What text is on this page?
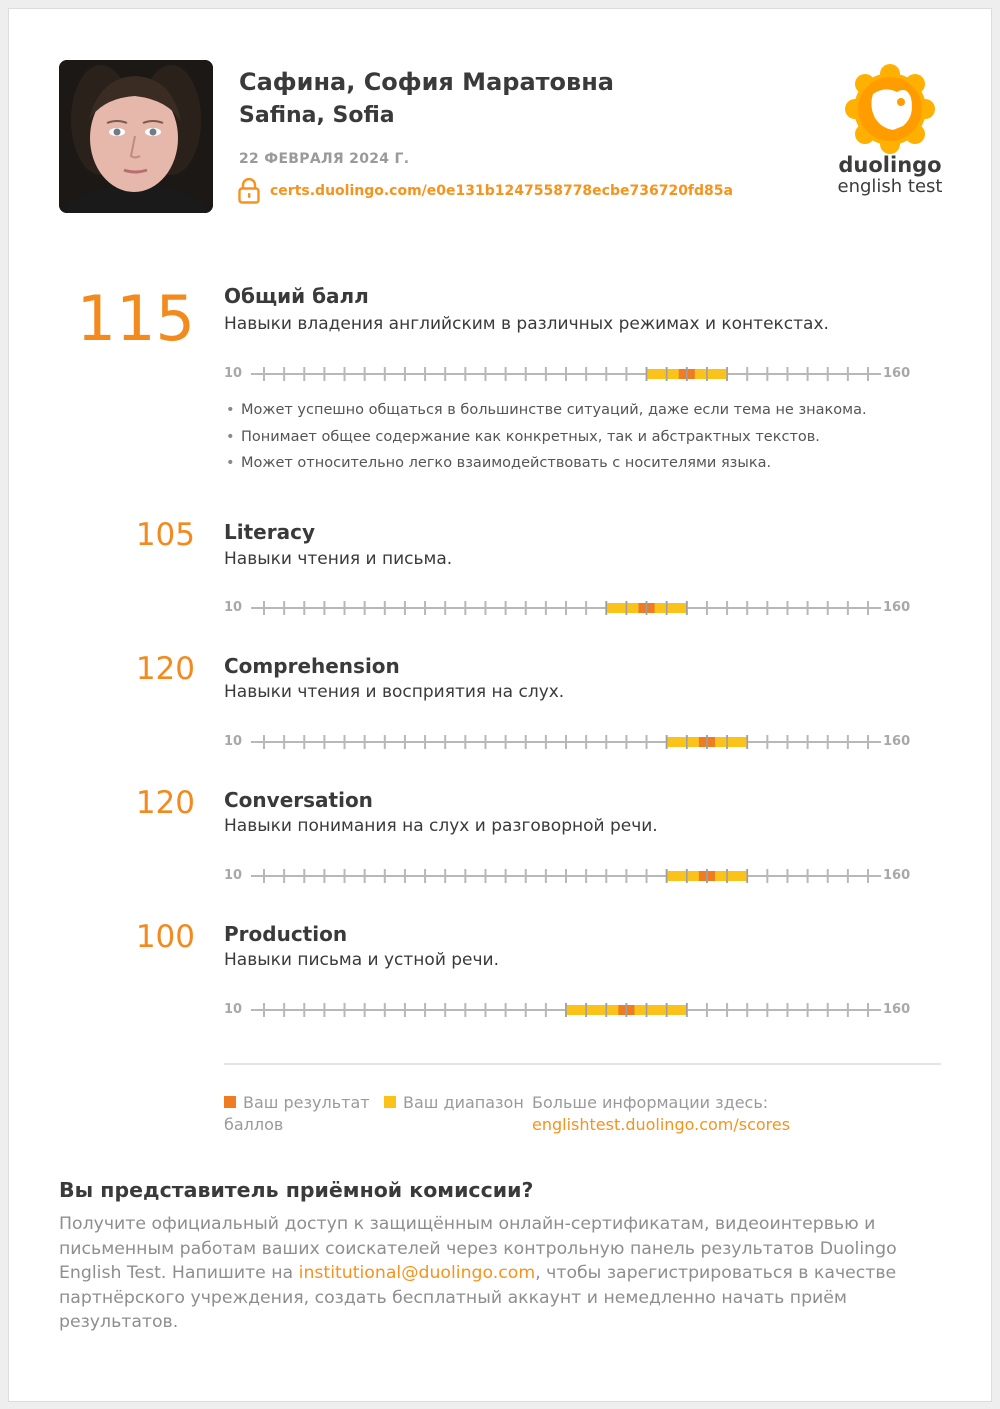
Сафина, София Маратовна
Safina, Sofia
22 ФЕВРАЛЯ 2024 Г.
certs.duolingo.com/e0e131b1247558778ecbe736720fd85a
duolingo
english test
115 Общий балл
Навыки владения английским в различных режимах и контекстах.
10	160
• Может успешно общаться в большинстве ситуаций, даже если тема не знакома.
• Понимает общее содержание как конкретных, так и абстрактных текстов.
• Может относительно легко взаимодействовать с носителями языка.
105 Literacy
Навыки чтения и письма.
10	160
120 Comprehension
Навыки чтения и восприятия на слух.
10	160
120 Conversation
Навыки понимания на слух и разговорной речи.
10	160
100 Production
Навыки письма и устной речи.
10	160
Ваш результат баллов
Ваш диапазон Больше информации здесь:
englishtest.duolingo.com/scores
Вы представитель приёмной комиссии?
Получите официальный доступ к защищённым онлайн-сертификатам, видеоинтервью и письменным работам ваших соискателей через контрольную панель результатов Duolingo English Test. Напишите на institutional@duolingo.com, чтобы зарегистрироваться в качестве партнёрского учреждения, создать бесплатный аккаунт и немедленно начать приём результатов.
